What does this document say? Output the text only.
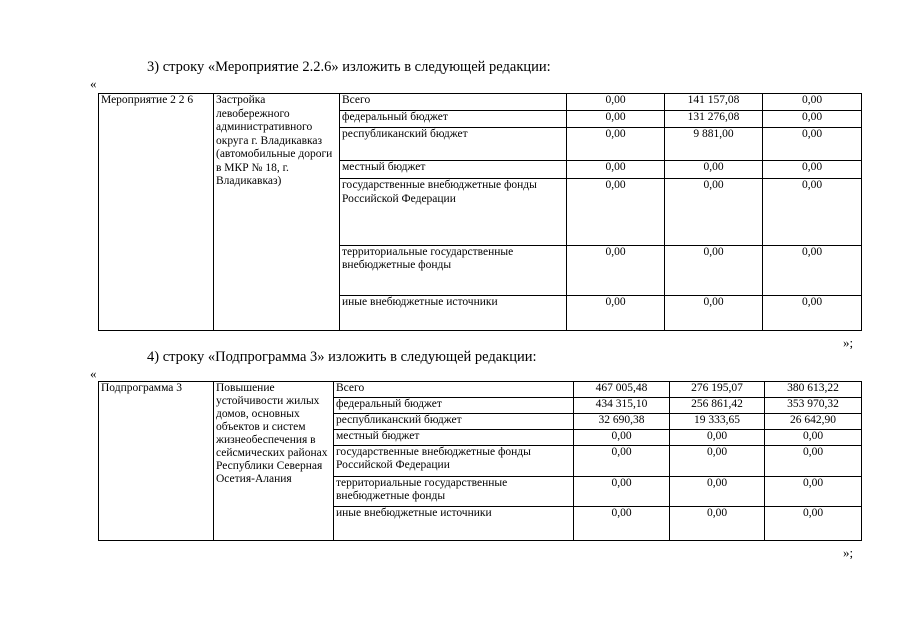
3) строку «Мероприятие 2.2.6» изложить в следующей редакции:
«
Мероприятие 2 2 6	Застройка левобережного административного округа г. Владикавказ (автомобильные дороги в МКР № 18, г. Владикавказ)	Всего	0,00	141 157,08	0,00
		федеральный бюджет	0,00	131 276,08	0,00
		республиканский бюджет	0,00	9 881,00	0,00
		местный бюджет	0,00	0,00	0,00
		государственные внебюджетные фонды Российской Федерации	0,00	0,00	0,00
		территориальные государственные внебюджетные фонды	0,00	0,00	0,00
		иные внебюджетные источники	0,00	0,00	0,00
»;
4) строку «Подпрограмма 3» изложить в следующей редакции:
«
Подпрограмма 3	Повышение устойчивости жилых домов, основных объектов и систем жизнеобеспечения в сейсмических районах Республики Северная Осетия-Алания	Всего	467 005,48	276 195,07	380 613,22
		федеральный бюджет	434 315,10	256 861,42	353 970,32
		республиканский бюджет	32 690,38	19 333,65	26 642,90
		местный бюджет	0,00	0,00	0,00
		государственные внебюджетные фонды Российской Федерации	0,00	0,00	0,00
		территориальные государственные внебюджетные фонды	0,00	0,00	0,00
		иные внебюджетные источники	0,00	0,00	0,00
»;
